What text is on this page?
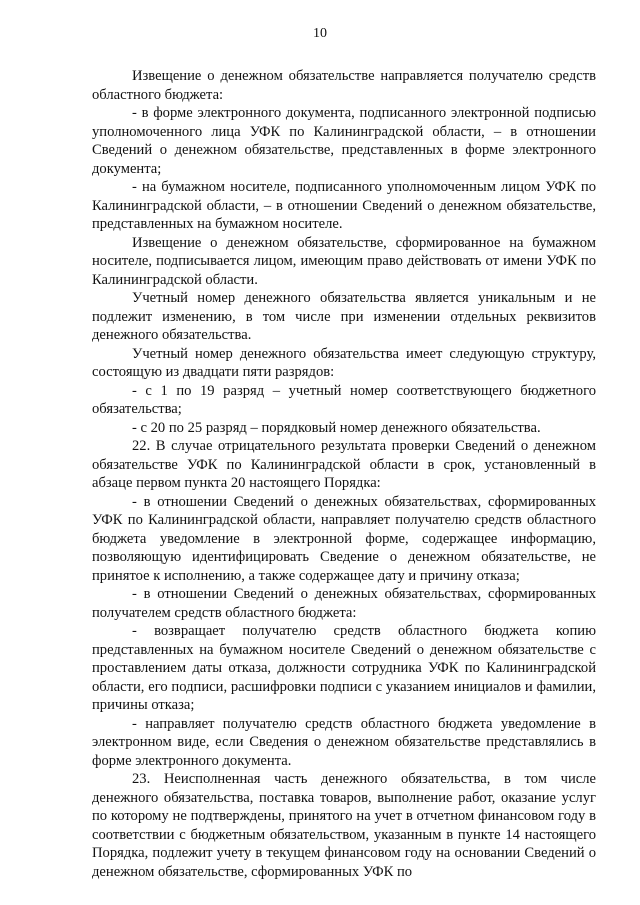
10

Извещение о денежном обязательстве направляется получателю средств областного бюджета:

- в форме электронного документа, подписанного электронной подписью уполномоченного лица УФК по Калининградской области, – в отношении Сведений о денежном обязательстве, представленных в форме электронного документа;

- на бумажном носителе, подписанного уполномоченным лицом УФК по Калининградской области, – в отношении Сведений о денежном обязательстве, представленных на бумажном носителе.

Извещение о денежном обязательстве, сформированное на бумажном носителе, подписывается лицом, имеющим право действовать от имени УФК по Калининградской области.

Учетный номер денежного обязательства является уникальным и не подлежит изменению, в том числе при изменении отдельных реквизитов денежного обязательства.

Учетный номер денежного обязательства имеет следующую структуру, состоящую из двадцати пяти разрядов:

- с 1 по 19 разряд – учетный номер соответствующего бюджетного обязательства;

- с 20 по 25 разряд – порядковый номер денежного обязательства.

22. В случае отрицательного результата проверки Сведений о денежном обязательстве УФК по Калининградской области в срок, установленный в абзаце первом пункта 20 настоящего Порядка:

- в отношении Сведений о денежных обязательствах, сформированных УФК по Калининградской области, направляет получателю средств областного бюджета уведомление в электронной форме, содержащее информацию, позволяющую идентифицировать Сведение о денежном обязательстве, не принятое к исполнению, а также содержащее дату и причину отказа;

- в отношении Сведений о денежных обязательствах, сформированных получателем средств областного бюджета:

- возвращает получателю средств областного бюджета копию представленных на бумажном носителе Сведений о денежном обязательстве с проставлением даты отказа, должности сотрудника УФК по Калининградской области, его подписи, расшифровки подписи с указанием инициалов и фамилии, причины отказа;

- направляет получателю средств областного бюджета уведомление в электронном виде, если Сведения о денежном обязательстве представлялись в форме электронного документа.

23. Неисполненная часть денежного обязательства, в том числе денежного обязательства, поставка товаров, выполнение работ, оказание услуг по которому не подтверждены, принятого на учет в отчетном финансовом году в соответствии с бюджетным обязательством, указанным в пункте 14 настоящего Порядка, подлежит учету в текущем финансовом году на основании Сведений о денежном обязательстве, сформированных УФК по
